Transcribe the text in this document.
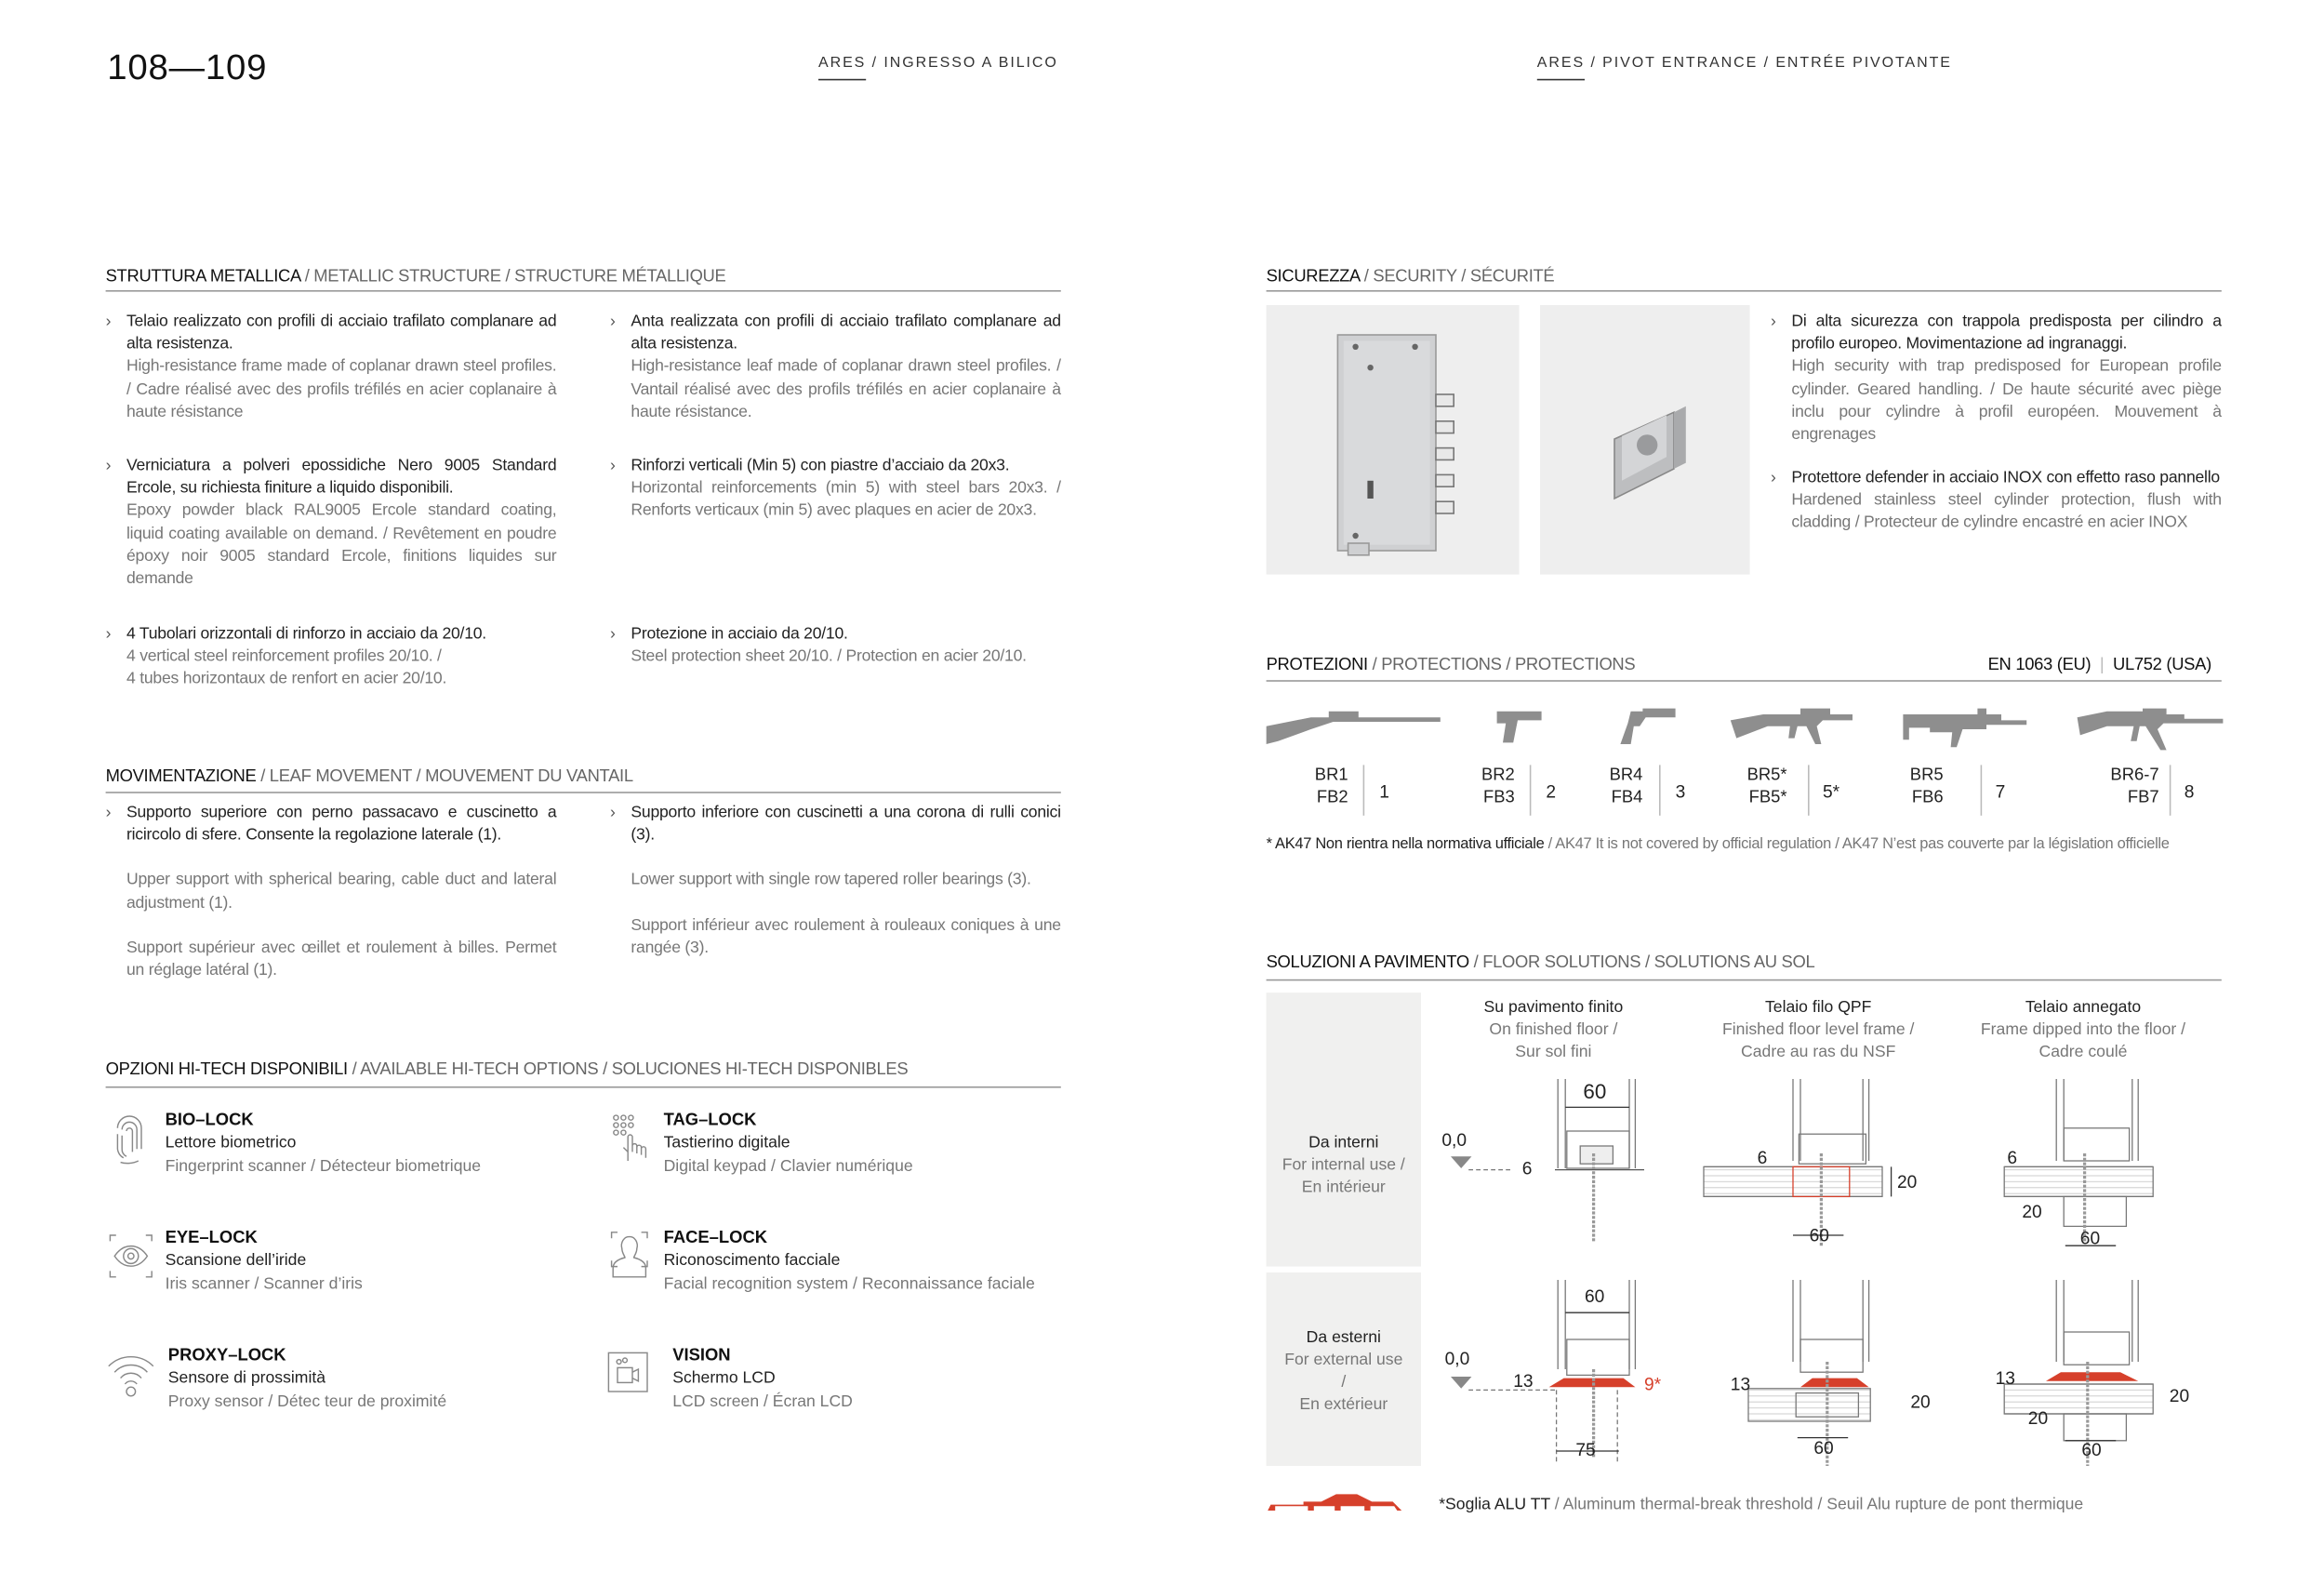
108—109	ARES / INGRESSO A BILICO	ARES / PIVOT ENTRANCE / ENTRÉE PIVOTANTE
STRUTTURA METALLICA / METALLIC STRUCTURE / STRUCTURE MÉTALLIQUE
› Telaio realizzato con profili di acciaio trafilato complanare ad alta resistenza.
High-resistance frame made of coplanar drawn steel profiles. / Cadre réalisé avec des profils tréfilés en acier coplanaire à haute résistance
› Anta realizzata con profili di acciaio trafilato complanare ad alta resistenza.
High-resistance leaf made of coplanar drawn steel profiles. / Vantail réalisé avec des profils tréfilés en acier coplanaire à haute résistance.
› Verniciatura a polveri epossidiche Nero 9005 Standard Ercole, su richiesta finiture a liquido disponibili.
Epoxy powder black RAL9005 Ercole standard coating, liquid coating available on demand. / Revêtement en poudre époxy noir 9005 standard Ercole, finitions liquides sur demande
› Rinforzi verticali (Min 5) con piastre d’acciaio da 20x3.
Horizontal reinforcements (min 5) with steel bars 20x3. / Renforts verticaux (min 5) avec plaques en acier de 20x3.
› 4 Tubolari orizzontali di rinforzo in acciaio da 20/10.
4 vertical steel reinforcement profiles 20/10. /
4 tubes horizontaux de renfort en acier 20/10.
› Protezione in acciaio da 20/10.
Steel protection sheet 20/10. / Protection en acier 20/10.
MOVIMENTAZIONE / LEAF MOVEMENT / MOUVEMENT DU VANTAIL
› Supporto superiore con perno passacavo e cuscinetto a ricircolo di sfere. Consente la regolazione laterale (1).
Upper support with spherical bearing, cable duct and lateral adjustment (1).
Support supérieur avec œillet et roulement à billes. Permet un réglage latéral (1).
› Supporto inferiore con cuscinetti a una corona di rulli conici (3).
Lower support with single row tapered roller bearings (3).
Support inférieur avec roulement à rouleaux coniques à une rangée (3).
OPZIONI HI-TECH DISPONIBILI / AVAILABLE HI-TECH OPTIONS / SOLUCIONES HI-TECH DISPONIBLES
BIO–LOCK
Lettore biometrico
Fingerprint scanner / Détecteur biometrique
TAG–LOCK
Tastierino digitale
Digital keypad / Clavier numérique
EYE–LOCK
Scansione dell’iride
Iris scanner / Scanner d’iris
FACE–LOCK
Riconoscimento facciale
Facial recognition system / Reconnaissance faciale
PROXY–LOCK
Sensore di prossimità
Proxy sensor / Détec teur de proximité
VISION
Schermo LCD
LCD screen / Écran LCD
SICUREZZA / SECURITY / SÉCURITÉ
› Di alta sicurezza con trappola predisposta per cilindro a profilo europeo. Movimentazione ad ingranaggi.
High security with trap predisposed for European profile cylinder. Geared handling. / De haute sécurité avec piège inclu pour cylindre à profil européen. Mouvement à engrenages
› Protettore defender in acciaio INOX con effetto raso pannello
Hardened stainless steel cylinder protection, flush with cladding / Protecteur de cylindre encastré en acier INOX
PROTEZIONI / PROTECTIONS / PROTECTIONS	EN 1063 (EU) | UL752 (USA)
BR1
FB2	1
BR2
FB3	2
BR4
FB4	3
BR5*
FB5*	5*
BR5
FB6	7
BR6-7
FB7 8
* AK47 Non rientra nella normativa ufficiale / AK47 It is not covered by official regulation / AK47 N’est pas couverte par la législation officielle
SOLUZIONI A PAVIMENTO / FLOOR SOLUTIONS / SOLUTIONS AU SOL
Da interni
For internal use /
En intérieur
Da esterni
For external use
/
En extérieur
Su pavimento finito
On finished floor /
Sur sol fini
Telaio filo QPF
Finished floor level frame /
Cadre au ras du NSF
Telaio annegato
Frame dipped into the floor /
Cadre coulé
0,0
60
6
6
20
60
6
20
60
0,0
60
13	9*
75
13
20
60
13
20
20
60
*Soglia ALU TT / Aluminum thermal-break threshold / Seuil Alu rupture de pont thermique
